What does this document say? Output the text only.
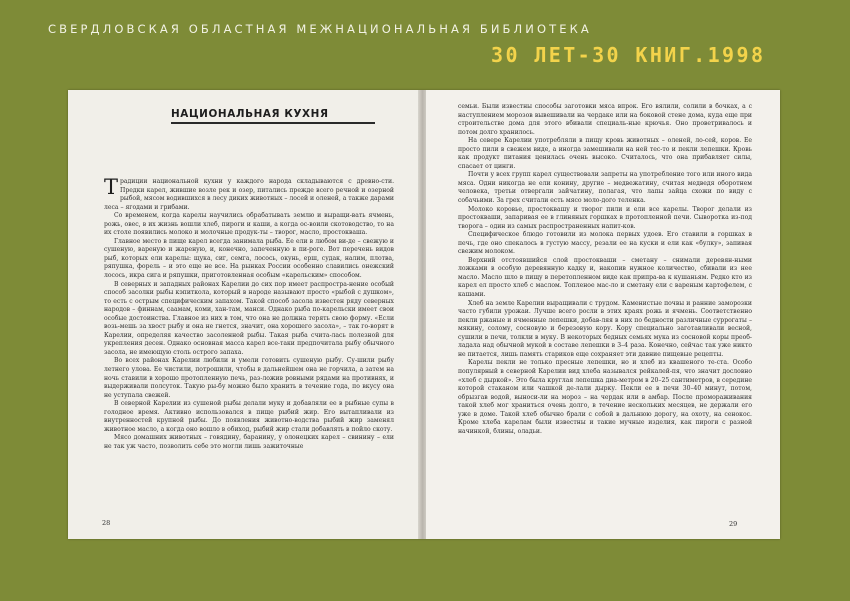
СВЕРДЛОВСКАЯ ОБЛАСТНАЯ МЕЖНАЦИОНАЛЬНАЯ БИБЛИОТЕКА
30 ЛЕТ-30 КНИГ.1998
НАЦИОНАЛЬНАЯ КУХНЯ

Традиции национальной кухни у каждого народа складываются с древно-сти. Предки карел, жившие возле рек и озер, питались прежде всего речной и озерной рыбой, мясом водившихся в лесу диких животных – лосей и оленей, а также дарами леса – ягодами и грибами.

Со временем, когда карелы научились обрабатывать землю и выращи-вать ячмень, рожь, овес, в их жизнь вошли хлеб, пироги и каши, а когда ос-воили скотоводство, то на их столе появились молоко и молочные продук-ты – творог, масло, простокваша.

Главное место в пище карел всегда занимала рыба. Ее ели в любом ви-де – свежую и сушеную, вареную и жареную, и, конечно, запеченную в пи-роге. Вот перечень видов рыб, которых ели карелы: щука, сиг, семга, лосось, окунь, ерш, судак, налим, плотва, ряпушка, форель – и это еще не все. На рынках России особенно славились онежский лосось, икра сига и ряпушки, приготовленная особым «карельским» способом.

В северных и западных районах Карелии до сих пор имеет распростра-нение особый способ засолки рыбы кэпиткола, который в народе называют просто «рыбой с душком», то есть с острым специфическим запахом. Такой способ засола известен ряду северных народов – финнам, саамам, коми, хан-там, манси. Однако рыба по-карельски имеет свои особые достоинства. Главное из них в том, что она не должна терять свою форму. «Если возь-мешь за хвост рыбу и она не гнется, значит, она хорошего засола», – так го-ворят в Карелии, определяя качество засоленной рыбы. Такая рыба счита-лась полезной для укрепления десен. Однако основная масса карел все-таки предпочитала рыбу обычного засола, не имеющую столь острого запаха.

Во всех районах Карелии любили и умели готовить сушеную рыбу. Су-шили рыбу летнего улова. Ее чистили, потрошили, чтобы в дальнейшем она не горчила, а затем на ночь ставили в хорошо протопленную печь, раз-ложив ровными рядами на противнях, и выдерживали полсуток. Такую ры-бу можно было хранить в течение года, по вкусу она не уступала свежей.

В северной Карелии из сушеной рыбы делали муку и добавляли ее в рыбные супы в голодное время. Активно использовался в пище рыбий жир. Его вытапливали из внутренностей крупной рыбы. До появления животно-водства рыбий жир заменял животное масло, а когда оно вошло в обиход, рыбий жир стали добавлять в пойло скоту.

Мясо домашних животных – говядину, баранину, у олонецких карел – свинину – ели не так уж часто, позволить себе это могли лишь зажиточные

28

семьи. Были известны способы заготовки мяса впрок. Его вялили, солили в бочках, а с наступлением морозов вывешивали на чердаке или на боковой стене дома, куда еще при строительстве дома для этого вбивали специаль-ные крючья. Оно проветривалось и потом долго хранилось.

На севере Карелии употребляли в пищу кровь животных – оленей, ло-сей, коров. Ее просто пили в свежем виде, а иногда замешивали на ней тес-то и пекли лепешки. Кровь как продукт питания ценилась очень высоко. Считалось, что она прибавляет силы, спасает от цинги.

Почти у всех групп карел существовали запреты на употребление того или иного вида мяса. Одни никогда не ели конину, другие – медвежатину, считая медведя оборотнем человека, третьи отвергали зайчатину, полагая, что лапы зайца схожи по виду с собачьими. За грех считали есть мясо моло-дого теленка.

Молоко коровье, простоквашу и творог пили и ели все карелы. Творог делали из простокваши, запаривая ее в глиняных горшках в протопленной печи. Сыворотка из-под творога – один из самых распространенных напит-ков.

Специфическое блюдо готовили из молока первых удоев. Его ставили в горшках в печь, где оно спекалось в густую массу, резали ее на куски и ели как «булку», запивая свежим молоком.

Верхний отстоявшийся слой простокваши – сметану – снимали деревян-ными ложками в особую деревянную кадку и, накопив нужное количество, сбивали из нее масло. Масло шло в пищу в перетопленном виде как припра-ва к кушаньям. Редко кто из карел ел просто хлеб с маслом. Топленое мас-ло и сметану ели с вареным картофелем, с кашами.

Хлеб на земле Карелии выращивали с трудом. Каменистые почвы и ранние заморозки часто губили урожаи. Лучше всего росли в этих краях рожь и ячмень. Соответственно пекли ржаные и ячменные лепешки, добав-ляя в них по бедности различные суррогаты – мякину, солому, сосновую и березовую кору. Кору специально заготавливали весной, сушили в печи, толкли в муку. В некоторых бедных семьях мука из сосновой коры преоб-ладала над обычной мукой в составе лепешки в 3–4 раза. Конечно, сейчас так уже никто не питается, лишь память стариков еще сохраняет эти давние пищевые рецепты.

Карелы пекли не только пресные лепешки, но и хлеб из квашеного те-ста. Особо популярный в северной Карелии вид хлеба назывался рейкалей-пя, что значит дословно «хлеб с дыркой». Это была круглая лепешка диа-метром в 20–25 сантиметров, в середине которой стаканом или чашкой де-лали дырку. Пекли ее в печи 30–40 минут, потом, обрызгав водой, выноси-ли на мороз – на чердак или в амбар. После промораживания такой хлеб мог храниться очень долго, в течение нескольких месяцев, не держали его уже в доме. Такой хлеб обычно брали с собой в дальнюю дорогу, на охоту, на сенокос. Кроме хлеба карелам были известны и такие мучные изделия, как пироги с разной начинкой, блины, оладьи.

29
